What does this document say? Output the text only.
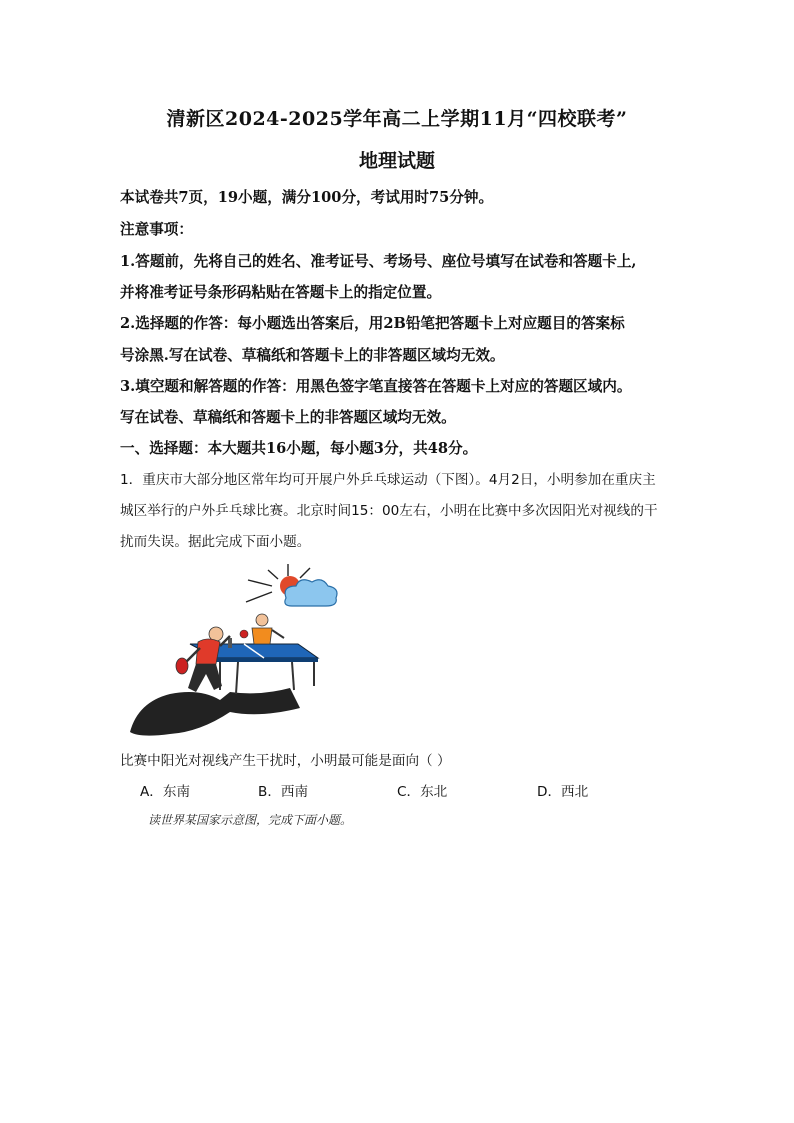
清新区2024-2025学年高二上学期11月“四校联考”
地理试题
本试卷共7页，19小题，满分100分，考试用时75分钟。
注意事项：
1.答题前，先将自己的姓名、准考证号、考场号、座位号填写在试卷和答题卡上,
并将准考证号条形码粘贴在答题卡上的指定位置。
2.选择题的作答：每小题选出答案后，用2B铅笔把答题卡上对应题目的答案标
号涂黑.写在试卷、草稿纸和答题卡上的非答题区域均无效。
3.填空题和解答题的作答：用黑色签字笔直接答在答题卡上对应的答题区域内。
写在试卷、草稿纸和答题卡上的非答题区域均无效。
一、选择题：本大题共16小题，每小题3分，共48分。
1．重庆市大部分地区常年均可开展户外乒乓球运动（下图）。4月2日，小明参加在重庆主
城区举行的户外乒乓球比赛。北京时间15：00左右，小明在比赛中多次因阳光对视线的干
扰而失误。据此完成下面小题。
比赛中阳光对视线产生干扰时，小明最可能是面向（ ）
A．东南	B．西南	C．东北	D．西北
读世界某国家示意图，完成下面小题。
